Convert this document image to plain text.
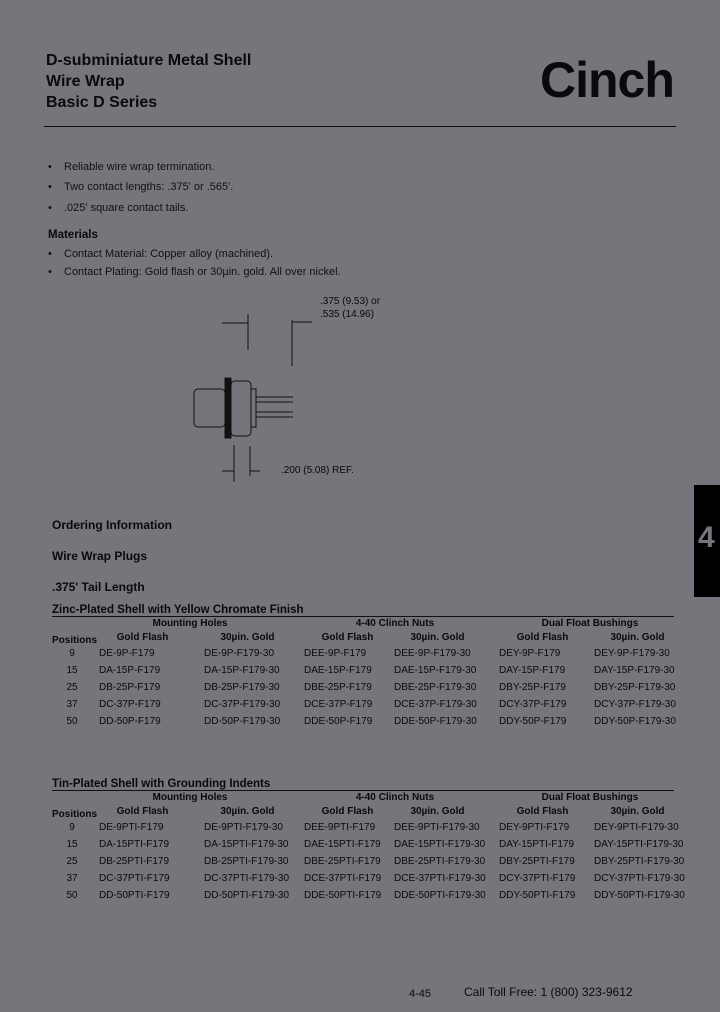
D-subminiature Metal Shell
Wire Wrap
Basic D Series	Cinch
• Reliable wire wrap termination.
• Two contact lengths: .375' or .565'.
• .025' square contact tails.
Materials
• Contact Material: Copper alloy (machined).
• Contact Plating: Gold flash or 30µin. gold. All over nickel.
.375 (9.53) or
.535 (14.96)
.200 (5.08) REF.
4
Ordering Information
Wire Wrap Plugs
.375' Tail Length
Zinc-Plated Shell with Yellow Chromate Finish
Mounting Holes	4-40 Clinch Nuts	Dual Float Bushings
Positions	Gold Flash	30µin. Gold	Gold Flash	30µin. Gold	Gold Flash	30µin. Gold
9	DE-9P-F179	DE-9P-F179-30	DEE-9P-F179	DEE-9P-F179-30	DEY-9P-F179	DEY-9P-F179-30
15	DA-15P-F179	DA-15P-F179-30 DAE-15P-F179 DAE-15P-F179-30 DAY-15P-F179	DAY-15P-F179-30
25	DB-25P-F179	DB-25P-F179-30 DBE-25P-F179 DBE-25P-F179-30 DBY-25P-F179	DBY-25P-F179-30
37	DC-37P-F179	DC-37P-F179-30 DCE-37P-F179 DCE-37P-F179-30 DCY-37P-F179	DCY-37P-F179-30
50	DD-50P-F179	DD-50P-F179-30 DDE-50P-F179 DDE-50P-F179-30 DDY-50P-F179	DDY-50P-F179-30
Tin-Plated Shell with Grounding Indents
Mounting Holes	4-40 Clinch Nuts	Dual Float Bushings
Positions	Gold Flash	30µin. Gold	Gold Flash	30µin. Gold	Gold Flash	30µin. Gold
9	DE-9PTI-F179	DE-9PTI-F179-30 DEE-9PTI-F179 DEE-9PTI-F179-30 DEY-9PTI-F179 DEY-9PTI-F179-30
15	DA-15PTI-F179	DA-15PTI-F179-30 DAE-15PTI-F179 DAE-15PTI-F179-30 DAY-15PTI-F179 DAY-15PTI-F179-30
25	DB-25PTI-F179	DB-25PTI-F179-30 DBE-25PTI-F179 DBE-25PTI-F179-30 DBY-25PTI-F179 DBY-25PTI-F179-30
37	DC-37PTI-F179	DC-37PTI-F179-30 DCE-37PTI-F179 DCE-37PTI-F179-30 DCY-37PTI-F179 DCY-37PTI-F179-30
50	DD-50PTI-F179	DD-50PTI-F179-30 DDE-50PTI-F179 DDE-50PTI-F179-30 DDY-50PTI-F179 DDY-50PTI-F179-30
4-45	Call Toll Free: 1 (800) 323-9612
